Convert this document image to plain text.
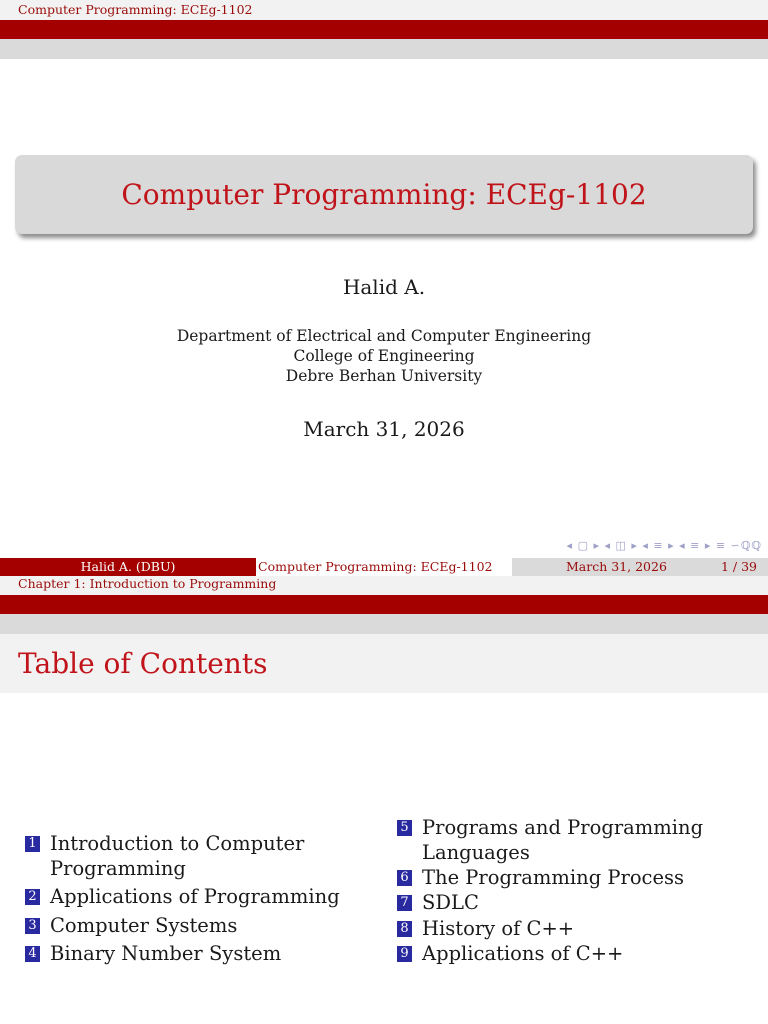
Computer Programming: ECEg-1102
Computer Programming: ECEg-1102
Halid A.
Department of Electrical and Computer Engineering
College of Engineering
Debre Berhan University
March 31, 2026
◂ ▢ ▸ ◂ ◫ ▸ ◂ ≡ ▸ ◂ ≡ ▸ ≡ ∽ℚℚ
Halid A. (DBU)	Computer Programming: ECEg-1102	March 31, 2026	1 / 39
Chapter 1: Introduction to Programming
Table of Contents
1 Introduction to Computer
Programming
2 Applications of Programming
3 Computer Systems
4 Binary Number System
5 Programs and Programming
Languages
6 The Programming Process
7 SDLC
8 History of C++
9 Applications of C++
